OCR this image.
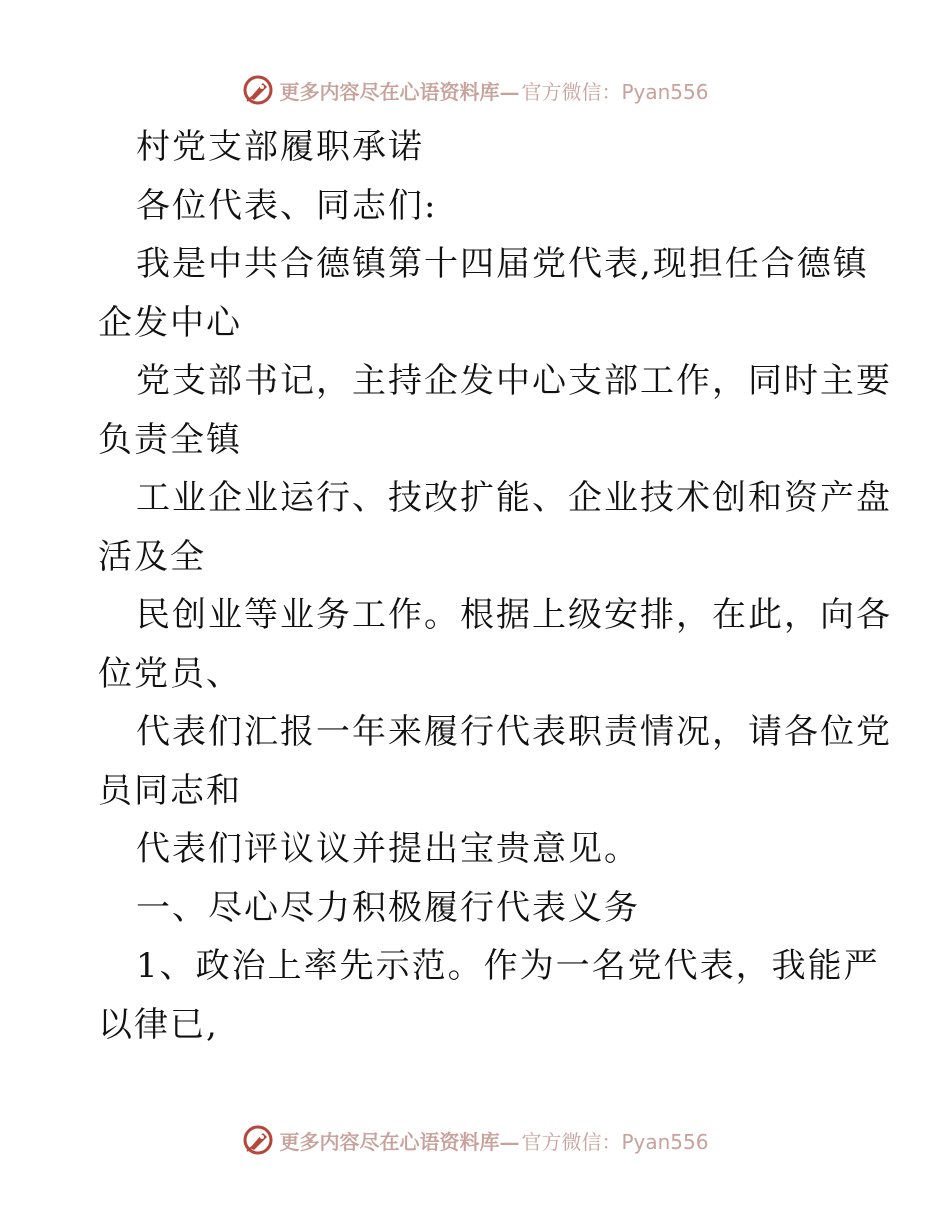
更多内容尽在心语资料库— 官方微信：Pyan556
村党支部履职承诺
各位代表、同志们:
我是中共合德镇第十四届党代表,现担任合德镇
企发中心
党支部书记，主持企发中心支部工作，同时主要
负责全镇
工业企业运行、技改扩能、企业技术创和资产盘
活及全
民创业等业务工作。根据上级安排，在此，向各
位党员、
代表们汇报一年来履行代表职责情况，请各位党
员同志和
代表们评议议并提出宝贵意见。
一、尽心尽力积极履行代表义务
1、政治上率先示范。作为一名党代表，我能严
以律已,
更多内容尽在心语资料库— 官方微信：Pyan556
